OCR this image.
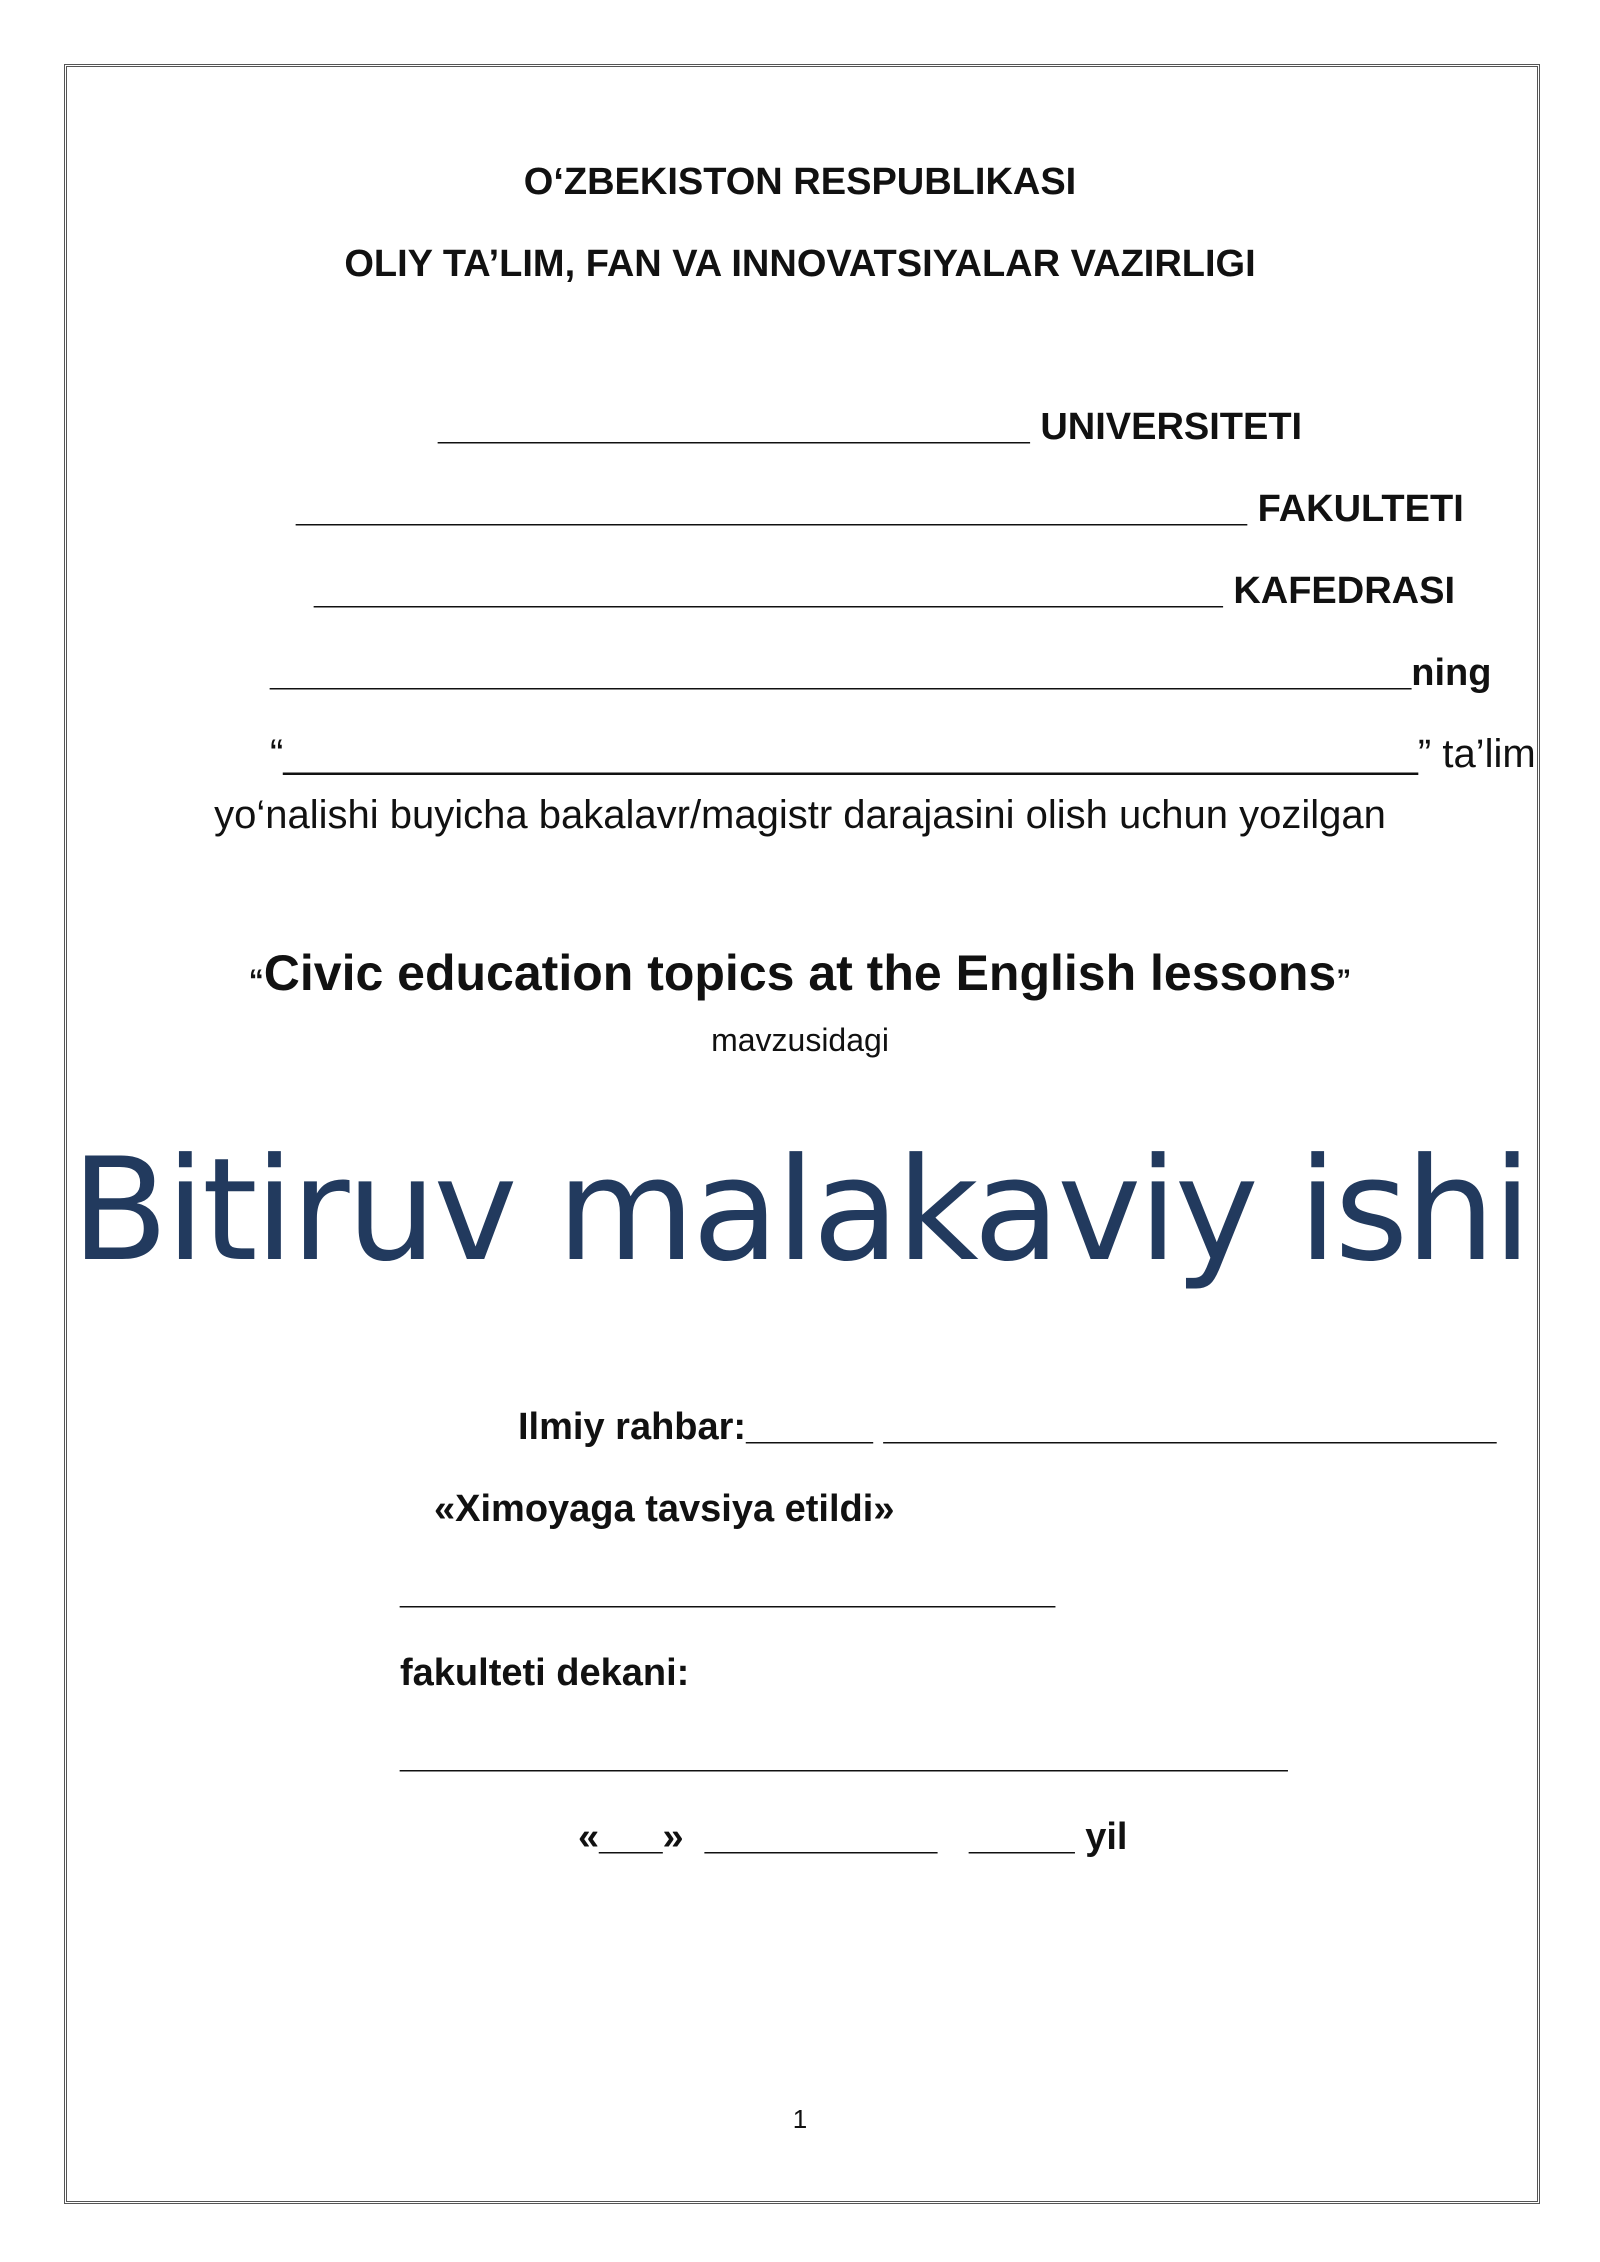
O‘ZBEKISTON RESPUBLIKASI
OLIY TA’LIM, FAN VA INNOVATSIYALAR VAZIRLIGI
____________________________ UNIVERSITETI
_____________________________________________ FAKULTETI
___________________________________________ KAFEDRASI
______________________________________________________ning
“___________________________________________________” ta’lim
yo‘nalishi buyicha bakalavr/magistr darajasini olish uchun yozilgan
“Civic education topics at the English lessons”
mavzusidagi
Bitiruv malakaviy ishi
Ilmiy rahbar:______ _____________________________
«Ximoyaga tavsiya etildi»
_______________________________
fakulteti dekani:
__________________________________________
«___» ___________ _____ yil
1
